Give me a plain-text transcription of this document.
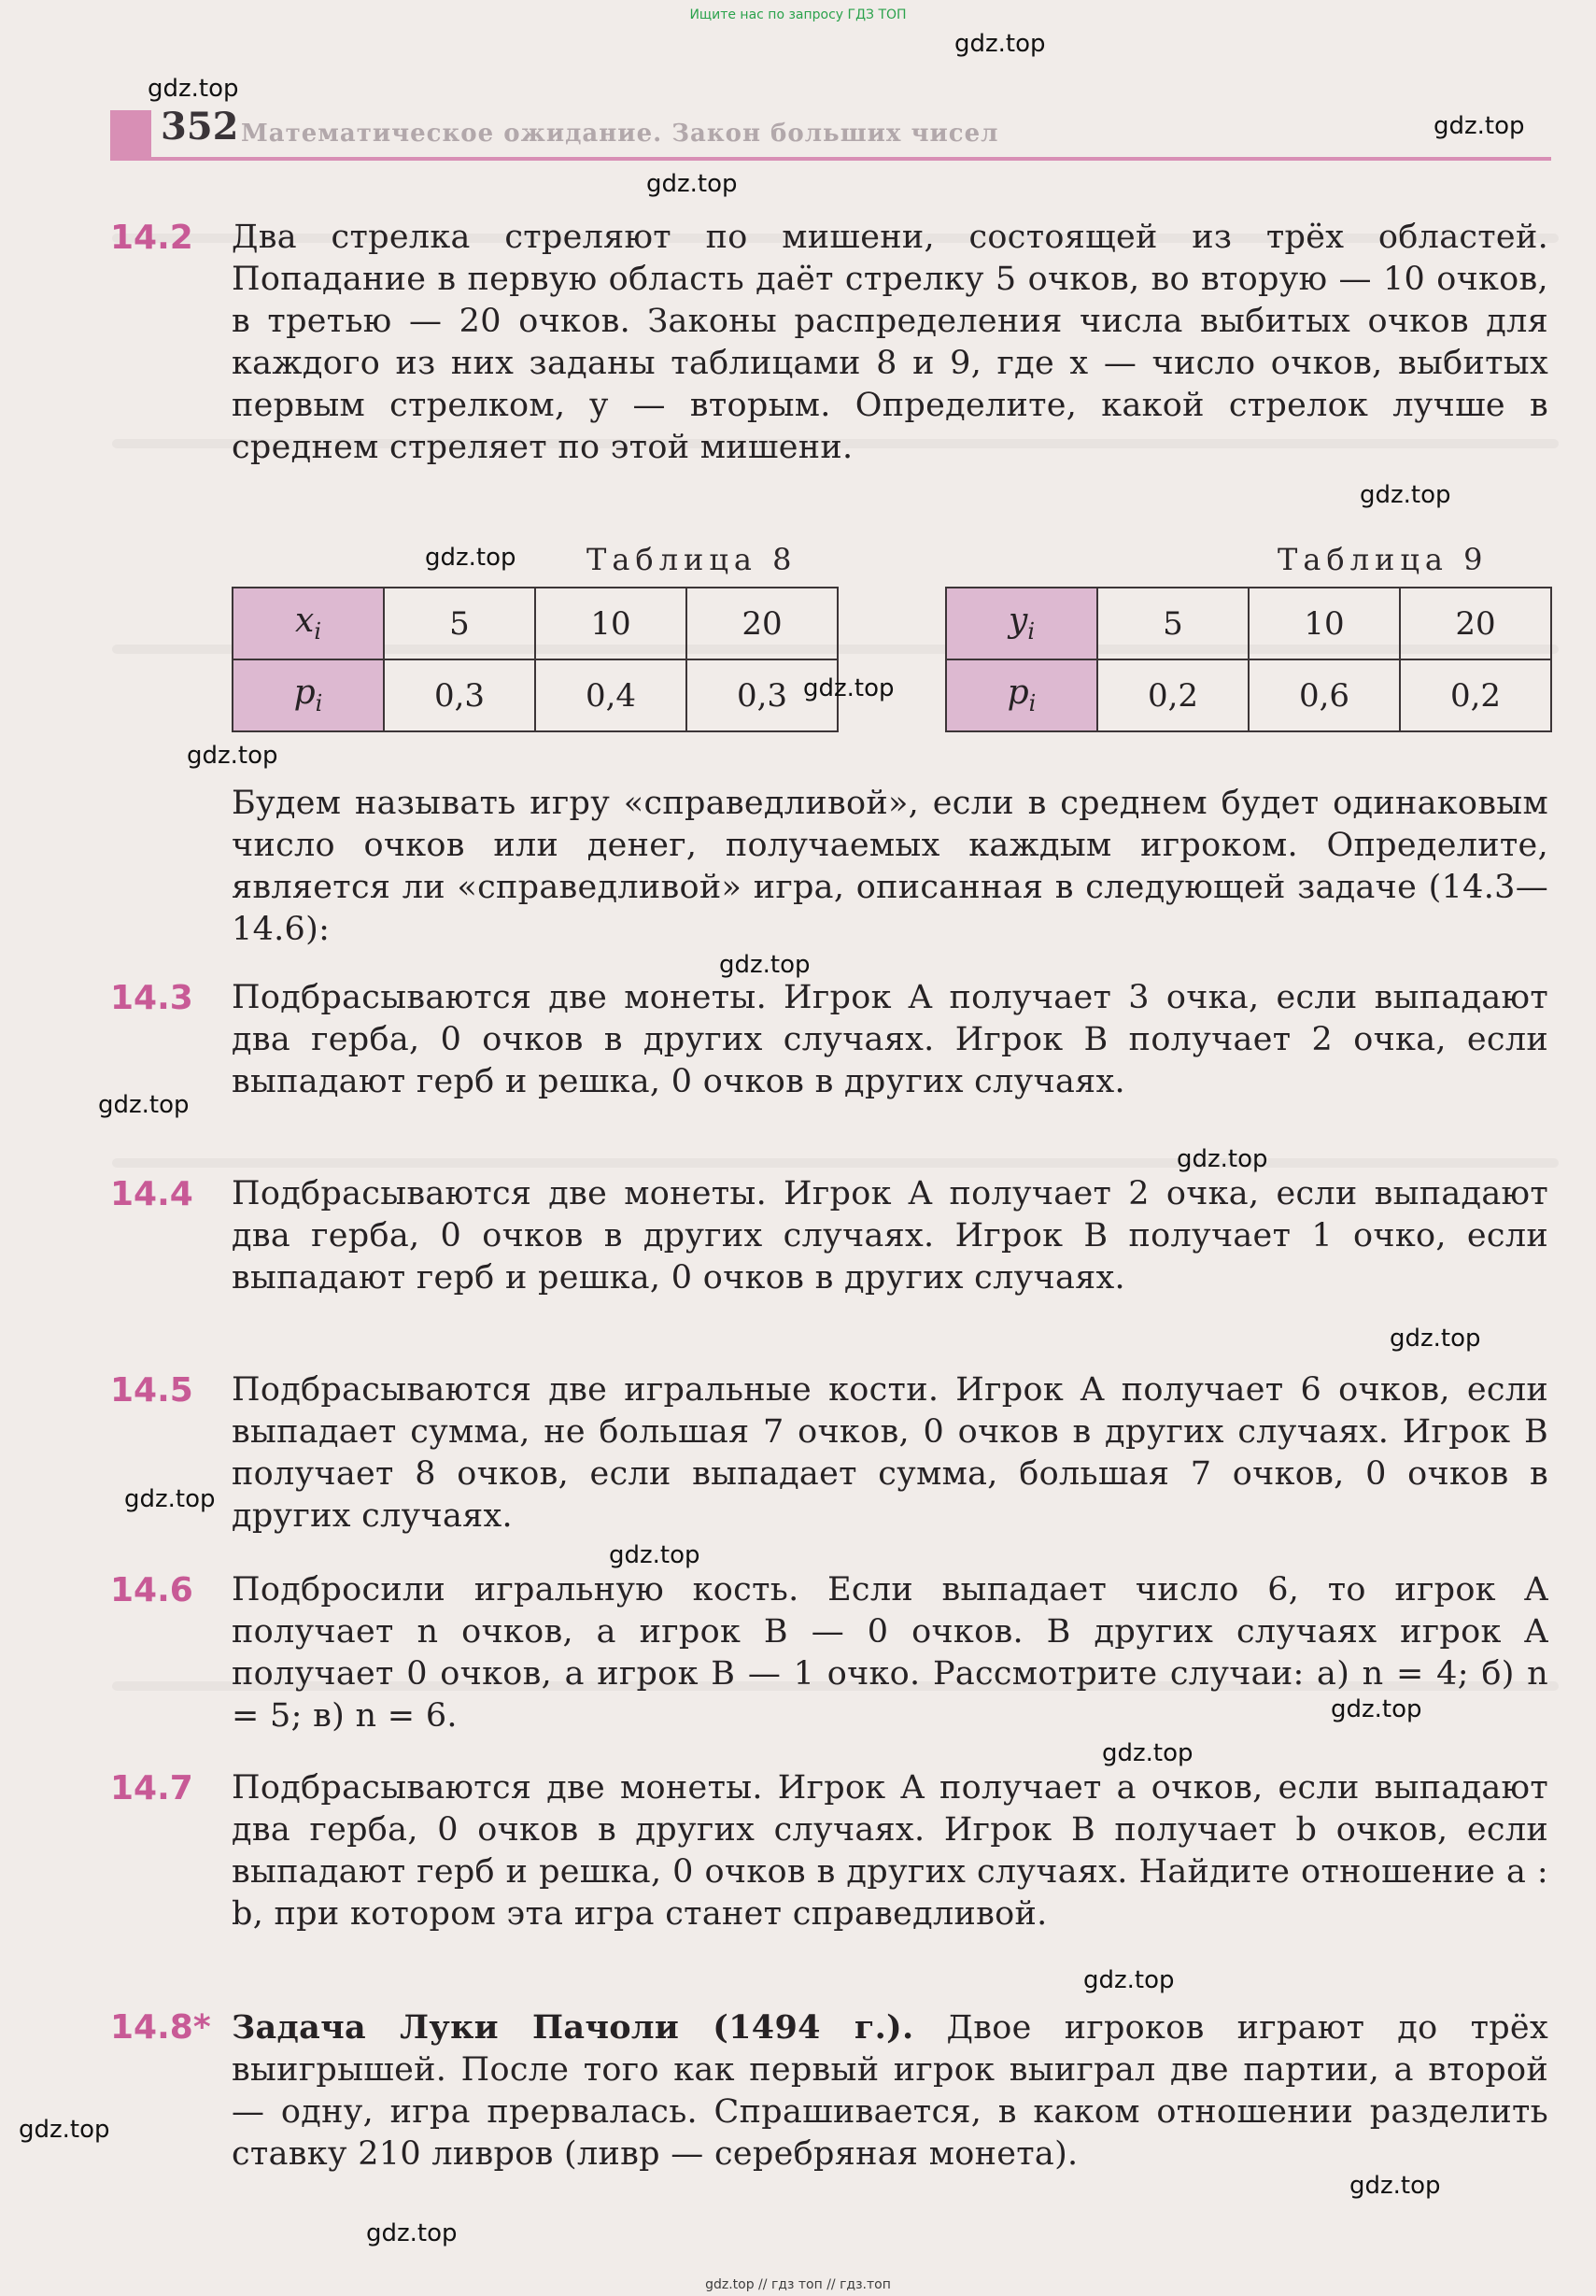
Ищите нас по запросу ГДЗ ТОП
gdz.top // гдз топ // гдз.топ
352 Математическое ожидание. Закон больших чисел
14.2 Два стрелка стреляют по мишени, состоящей из трёх областей. Попадание в первую область даёт стрелку 5 очков, во вторую — 10 очков, в третью — 20 очков. Законы распределения числа выбитых очков для каждого из них заданы таблицами 8 и 9, где x — число очков, выбитых первым стрелком, y — вторым. Определите, какой стрелок лучше в среднем стреляет по этой мишени.
Таблица 8
$x_i$	5	10	20
$p_i$	0,3	0,4	0,3
Таблица 9
$y_i$	5	10	20
$p_i$	0,2	0,6	0,2
Будем называть игру «справедливой», если в среднем будет одинаковым число очков или денег, получаемых каждым игроком. Определите, является ли «справедливой» игра, описанная в следующей задаче (14.3—14.6):
14.3 Подбрасываются две монеты. Игрок A получает 3 очка, если выпадают два герба, 0 очков в других случаях. Игрок B получает 2 очка, если выпадают герб и решка, 0 очков в других случаях.
14.4 Подбрасываются две монеты. Игрок A получает 2 очка, если выпадают два герба, 0 очков в других случаях. Игрок B получает 1 очко, если выпадают герб и решка, 0 очков в других случаях.
14.5 Подбрасываются две игральные кости. Игрок A получает 6 очков, если выпадает сумма, не большая 7 очков, 0 очков в других случаях. Игрок B получает 8 очков, если выпадает сумма, большая 7 очков, 0 очков в других случаях.
14.6 Подбросили игральную кость. Если выпадает число 6, то игрок A получает n очков, а игрок B — 0 очков. В других случаях игрок A получает 0 очков, а игрок B — 1 очко. Рассмотрите случаи: а) n = 4; б) n = 5; в) n = 6.
14.7 Подбрасываются две монеты. Игрок A получает a очков, если выпадают два герба, 0 очков в других случаях. Игрок B получает b очков, если выпадают герб и решка, 0 очков в других случаях. Найдите отношение a : b, при котором эта игра станет справедливой.
14.8* Задача Луки Пачоли (1494 г.). Двое игроков играют до трёх выигрышей. После того как первый игрок выиграл две партии, а второй — одну, игра прервалась. Спрашивается, в каком отношении разделить ставку 210 ливров (ливр — серебряная монета).
gdz.top
gdz.top
gdz.top
gdz.top
gdz.top
gdz.top
gdz.top
gdz.top
gdz.top
gdz.top
gdz.top
gdz.top
gdz.top
gdz.top
gdz.top
gdz.top
gdz.top
gdz.top
gdz.top
gdz.top
